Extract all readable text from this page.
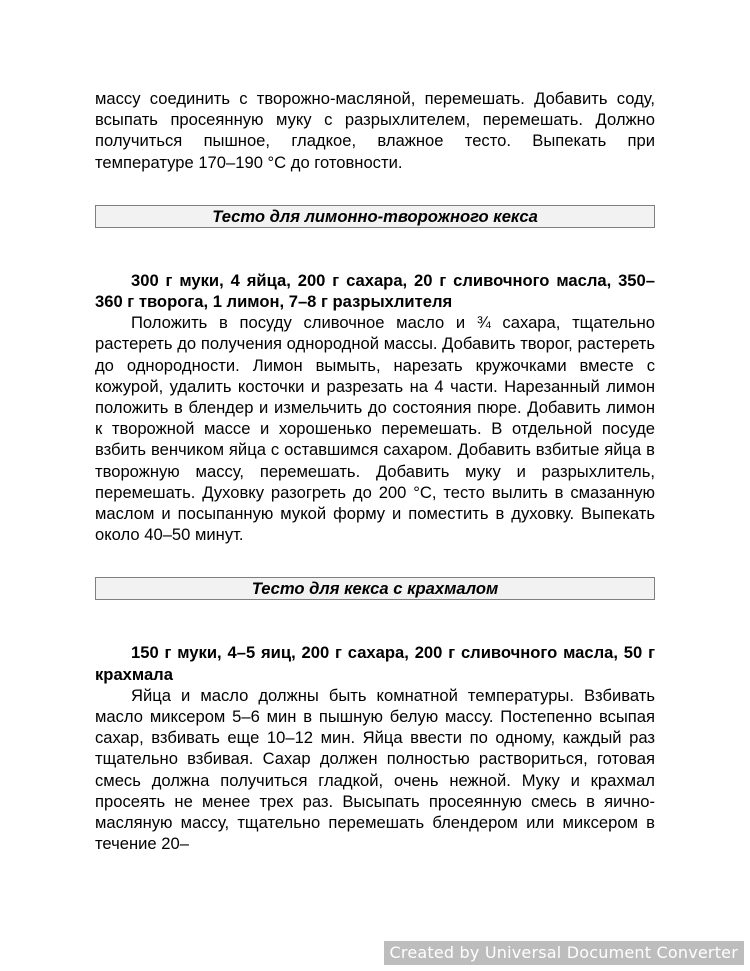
массу соединить с творожно-масляной, перемешать. Добавить соду, всыпать просеянную муку с разрыхлителем, перемешать. Должно получиться пышное, гладкое, влажное тесто. Выпекать при температуре 170–190 °С до готовности.

Тесто для лимонно-творожного кекса

300 г муки, 4 яйца, 200 г сахара, 20 г сливочного масла, 350–360 г творога, 1 лимон, 7–8 г разрыхлителя

Положить в посуду сливочное масло и ¾ сахара, тщательно растереть до получения однородной массы. Добавить творог, растереть до однородности. Лимон вымыть, нарезать кружочками вместе с кожурой, удалить косточки и разрезать на 4 части. Нарезанный лимон положить в блендер и измельчить до состояния пюре. Добавить лимон к творожной массе и хорошенько перемешать. В отдельной посуде взбить венчиком яйца с оставшимся сахаром. Добавить взбитые яйца в творожную массу, перемешать. Добавить муку и разрыхлитель, перемешать. Духовку разогреть до 200 °С, тесто вылить в смазанную маслом и посыпанную мукой форму и поместить в духовку. Выпекать около 40–50 минут.

Тесто для кекса с крахмалом

150 г муки, 4–5 яиц, 200 г сахара, 200 г сливочного масла, 50 г крахмала

Яйца и масло должны быть комнатной температуры. Взбивать масло миксером 5–6 мин в пышную белую массу. Постепенно всыпая сахар, взбивать еще 10–12 мин. Яйца ввести по одному, каждый раз тщательно взбивая. Сахар должен полностью раствориться, готовая смесь должна получиться гладкой, очень нежной. Муку и крахмал просеять не менее трех раз. Высыпать просеянную смесь в яично-масляную массу, тщательно перемешать блендером или миксером в течение 20–

Created by Universal Document Converter
